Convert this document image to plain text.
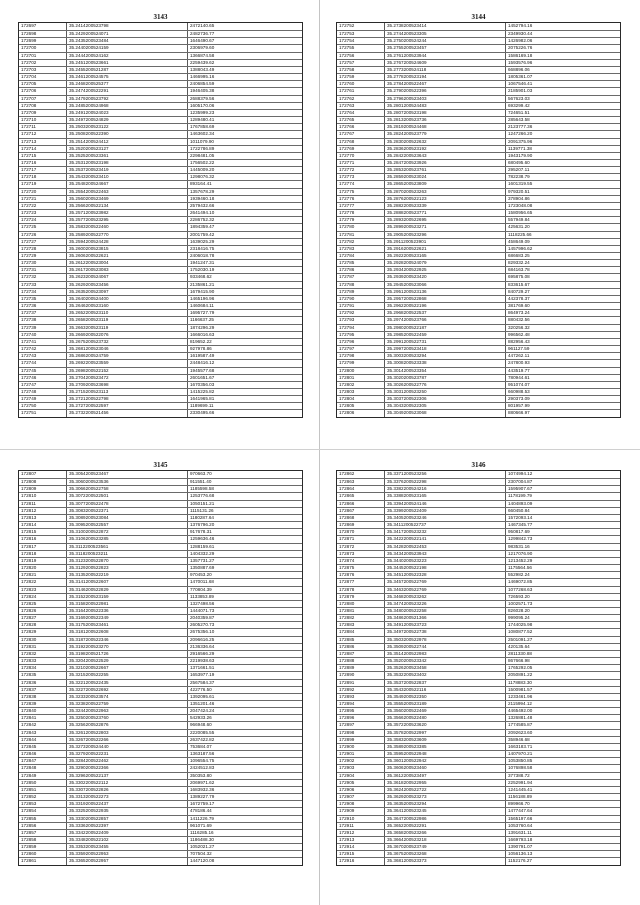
3143
172697	35.2414200523798	2472140.65
172698	35.2429200524071	2482736.77
172699	35.2435200523484	1646490.67
172700	35.2440200524159	2306979.60
172701	35.2444200524162	1366874.58
172702	35.2451200523661	2259439.62
172703	35.2455200521287	1388043.49
172704	35.2461200524575	1466995.16
172705	35.2468200525377	2406854.59
172706	35.2474200522291	1946405.38
172707	35.2479200523792	2688379.56
172708	35.2485200524968	1605170.06
172709	35.2491200524023	1235999.23
172710	35.2497200524829	1289480.41
172711	35.2503200523122	1767858.69
172712	35.2508200522390	1463602.34
172713	35.2514200524412	1011079.90
172714	35.2520200523127	1722786.89
172715	35.2525200523361	2298481.05
172716	35.2531200523198	1756502.22
172717	35.2537200523419	1445009.20
172718	35.2543200523410	1298076.32
172719	35.2548200524667	893164.41
172720	35.2554200522463	1357678.29
172721	35.2560200523469	1939460.18
172722	35.2566200522134	2579432.66
172723	35.2571200523982	2641494.10
172724	35.2577200523295	2286752.32
172725	35.2583200522460	1894359.47
172726	35.2589200522770	2001759.42
172727	35.2594200524428	1639025.29
172728	35.2600200523815	2318416.75
172729	35.2606200522621	2406018.78
172730	35.2612200523004	1941247.31
172731	35.2617200523083	1752030.19
172732	35.2623200524067	933468.62
172733	35.2629200523456	2135861.21
172734	35.2635200523097	1679415.90
172735	35.2640200524400	1465196.96
172736	35.2646200523160	1460684.11
172737	35.2652200523110	1695727.79
172738	35.2658200523119	1166637.25
172739	35.2663200523119	1874296.29
172740	35.2669200522076	1666016.63
172741	35.2675200523732	819652.22
172742	35.2681200523046	927978.86
172743	35.2686200524759	1619587.49
172744	35.2692200523559	2448416.12
172745	35.2698200522152	1945577.68
172746	35.2704200523472	2601651.67
172747	35.2709200523698	1670356.03
172748	35.2715200523113	1415225.82
172749	35.2721200522798	1641965.81
172750	35.2727200522597	1189699.11
172751	35.2732200521456	2330495.66
3144
172752	35.2738200523414	1452794.16
172753	35.2744200523305	2349930.44
172754	35.2750200524244	1426982.06
172755	35.2755200523457	2075226.76
172756	35.2761200523944	1586169.18
172757	35.2767200524609	1593576.96
172758	35.2773200524118	668896.06
172759	35.2778200523194	1805361.07
172760	35.2784200522467	1067546.41
172761	35.2790200522396	2185901.03
172762	35.2796200523403	567623.03
172763	35.2801200524483	693299.42
172764	35.2807200523198	724651.51
172765	35.2813200523736	285643.58
172766	35.2819200524468	2123777.36
172767	35.2824200523779	1247266.20
172768	35.2830200522632	2091375.96
172769	35.2836200523192	1139771.38
172770	35.2842200523643	1943179.90
172771	35.2847200523926	680495.60
172772	35.2853200523761	295207.11
172773	35.2859200523024	782238.79
172774	35.2865200523809	1601319.55
172775	35.2870200523263	979320.51
172776	35.2876200522123	378904.86
172777	35.2882200523339	1723048.08
172778	35.2888200523771	1580956.65
172779	35.2893200522695	557949.84
172780	35.2899200523271	425631.20
172781	35.2905200523296	1118225.66
172782	35.2911200523901	458649.09
172783	35.2916200522621	1457996.62
172784	35.2922200523165	686683.25
172785	35.2928200524079	829332.24
172786	35.2934200522925	684163.78
172787	35.2939200523420	695875.08
172788	35.2945200523066	833615.67
172789	35.2951200523136	840729.27
172790	35.2957200522868	442378.37
172791	35.2962200522196	381769.60
172792	35.2968200522537	864973.24
172793	35.2974200523766	880432.56
172794	35.2980200522187	320256.32
172795	35.2985200522459	996562.48
172796	35.2991200522731	882956.43
172797	35.2997200523418	961127.59
172798	35.3003200523294	447262.11
172799	35.3008200523338	247800.93
172800	35.3014200523354	443519.77
172801	35.3020200523787	780944.61
172802	35.3026200522776	951074.07
172803	35.3031200523250	660988.53
172804	35.3037200522306	290373.09
172805	35.3043200522305	801957.99
172806	35.3049200523068	880666.97
3145
172807	35.3054200523467	970663.70
172808	35.3060200523536	911551.40
172809	35.3066200522758	1185598.58
172810	35.3072200522501	1253776.68
172811	35.3077200522478	1050151.21
172812	35.3083200522371	1115131.26
172813	35.3089200523084	1180287.64
172814	35.3095200522557	1376796.20
172815	35.3100200522872	917678.31
172816	35.3106200523285	1259636.46
172817	35.3112200523561	1288159.61
172818	35.3118200523211	1404332.29
172819	35.3123200522870	1357731.27
172820	35.3129200522823	1350887.69
172821	35.3135200522219	970453.20
172822	35.3141200522607	1470011.68
172823	35.3146200522829	770804.39
172824	35.3152200523159	1133853.89
172825	35.3158200522981	1327498.56
172826	35.3164200522336	1444071.73
172827	35.3169200522349	2040359.87
172828	35.3175200523461	2605270.73
172829	35.3181200522608	2675356.10
172830	35.3187200522346	2096616.25
172831	35.3192200523270	2136336.64
172832	35.3198200521726	2916566.29
172833	35.3204200522529	2219938.63
172834	35.3210200522667	1371661.51
172835	35.3215200522255	1653977.19
172836	35.3221200522435	2567584.37
172837	35.3227200522692	422776.50
172838	35.3233200523574	1392095.61
172839	35.3238200522759	1351201.46
172840	35.3244200522963	2047424.24
172841	35.3250200523760	542933.26
172842	35.3256200522876	966948.60
172843	35.3261200522803	2220085.55
172844	35.3267200522266	2637422.82
172845	35.3273200524440	753684.07
172846	35.3279200522231	1363187.56
172847	35.3284200522462	1096554.75
172848	35.3290200522366	2424512.83
172849	35.3296200522137	350353.80
172850	35.3302200522112	2069971.62
172851	35.3307200522826	1683932.36
172852	35.3313200522273	1389227.79
172853	35.3319200522437	1672759.17
172854	35.3325200522935	478186.44
172855	35.3330200522857	1411226.79
172856	35.3336200522397	961071.69
172857	35.3342200522409	1116285.16
172858	35.3348200522102	1186488.30
172859	35.3353200523455	1052021.27
172860	35.3359200522953	707504.32
172861	35.3365200522957	1447120.08
3146
172862	35.3371200523256	1074994.12
172863	35.3376200522298	2307004.87
172864	35.3382200524216	1595907.67
172865	35.3388200523165	1178199.79
172866	35.3394200524146	1404893.09
172867	35.3399200522409	660450.84
172868	35.3405200523246	1572093.14
172869	35.3411200522737	1467345.77
172870	35.3417200523232	950817.69
172871	35.3422200522141	1299842.73
172872	35.3428200522453	983531.16
172873	35.3434200523943	1217076.90
172874	35.3440200523223	1213452.29
172875	35.3445200522198	1175564.56
172876	35.3451200522328	552982.24
172877	35.3457200522769	1469072.85
172878	35.3463200522769	1077268.63
172879	35.3468200523262	726593.20
172880	35.3474200523226	1002571.73
172881	35.3480200522258	826028.20
172882	35.3486200521366	999095.24
172883	35.3491200523723	1744025.98
172884	35.3497200522738	1080877.52
172885	35.3503200522978	2501091.27
172886	35.3509200522744	420135.64
172887	35.3514200522983	2811330.88
172888	35.3520200523342	867666.98
172889	35.3526200523458	1765292.05
172890	35.3532200523402	2050891.22
172891	35.3537200522837	1178883.30
172892	35.3543200522116	1500981.57
172893	35.3549200522350	1233461.96
172894	35.3555200523189	2115994.12
172895	35.3560200522469	4465492.00
172896	35.3566200522480	1326881.48
172897	35.3572200523620	1774585.87
172898	35.3578200522997	2092623.60
172899	35.3583200523609	358946.68
172900	35.3589200523385	1663183.71
172901	35.3595200522948	1407970.21
172902	35.3601200522942	1053850.85
172903	35.3606200523460	1076898.58
172904	35.3612200523497	377388.72
172905	35.3618200522955	2252991.94
172906	35.3624200522722	1241445.41
172907	35.3629200523273	1156188.89
172908	35.3635200523294	899966.70
172909	35.3641200523245	1477447.64
172910	35.3647200522986	1565197.66
172911	35.3652200522291	1053760.64
172912	35.3658200523266	1391631.11
172913	35.3664200523218	1669793.18
172914	35.3670200523749	1390791.07
172915	35.3675200523268	1056136.13
172916	35.3681200523373	1152176.27
